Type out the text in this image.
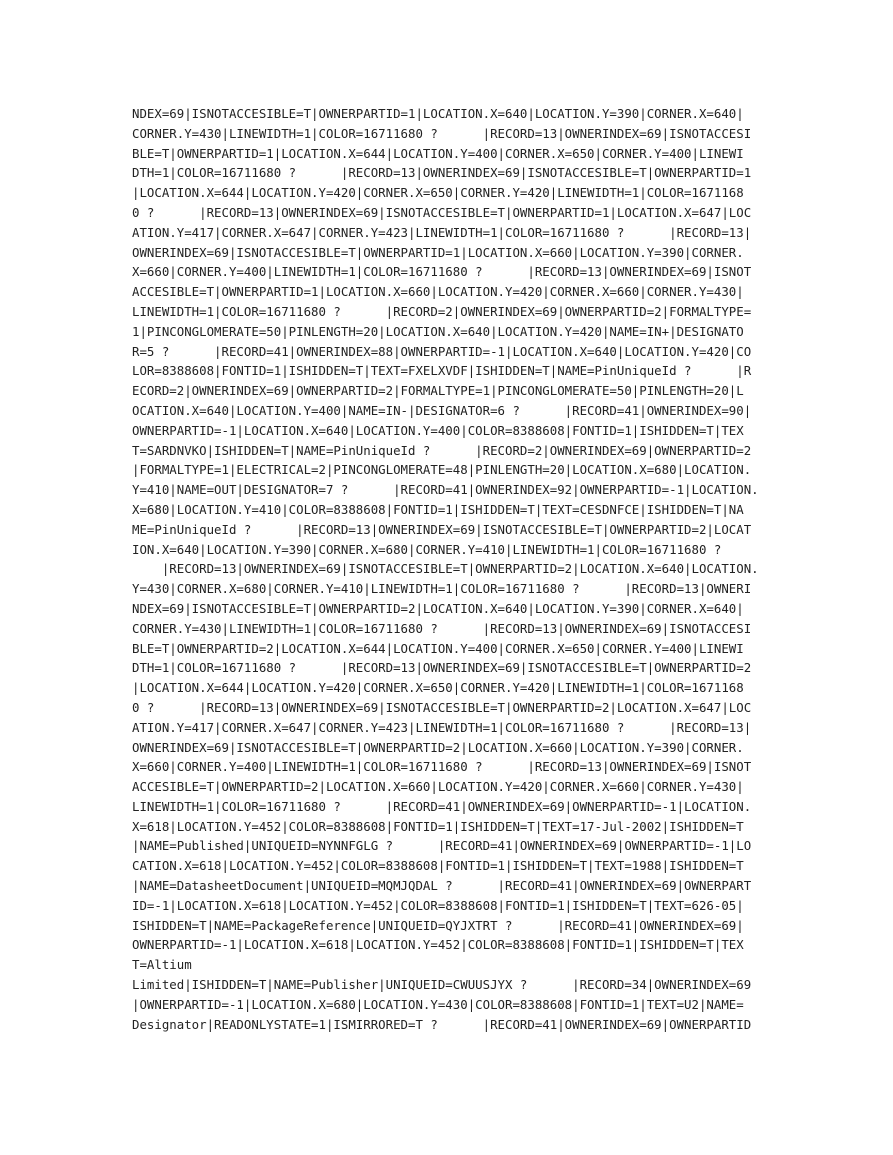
NDEX=69|ISNOTACCESIBLE=T|OWNERPARTID=1|LOCATION.X=640|LOCATION.Y=390|CORNER.X=640|
CORNER.Y=430|LINEWIDTH=1|COLOR=16711680 ?      |RECORD=13|OWNERINDEX=69|ISNOTACCESI
BLE=T|OWNERPARTID=1|LOCATION.X=644|LOCATION.Y=400|CORNER.X=650|CORNER.Y=400|LINEWI
DTH=1|COLOR=16711680 ?      |RECORD=13|OWNERINDEX=69|ISNOTACCESIBLE=T|OWNERPARTID=1
|LOCATION.X=644|LOCATION.Y=420|CORNER.X=650|CORNER.Y=420|LINEWIDTH=1|COLOR=1671168
0 ?      |RECORD=13|OWNERINDEX=69|ISNOTACCESIBLE=T|OWNERPARTID=1|LOCATION.X=647|LOC
ATION.Y=417|CORNER.X=647|CORNER.Y=423|LINEWIDTH=1|COLOR=16711680 ?      |RECORD=13|
OWNERINDEX=69|ISNOTACCESIBLE=T|OWNERPARTID=1|LOCATION.X=660|LOCATION.Y=390|CORNER.
X=660|CORNER.Y=400|LINEWIDTH=1|COLOR=16711680 ?      |RECORD=13|OWNERINDEX=69|ISNOT
ACCESIBLE=T|OWNERPARTID=1|LOCATION.X=660|LOCATION.Y=420|CORNER.X=660|CORNER.Y=430|
LINEWIDTH=1|COLOR=16711680 ?      |RECORD=2|OWNERINDEX=69|OWNERPARTID=2|FORMALTYPE=
1|PINCONGLOMERATE=50|PINLENGTH=20|LOCATION.X=640|LOCATION.Y=420|NAME=IN+|DESIGNATO
R=5 ?      |RECORD=41|OWNERINDEX=88|OWNERPARTID=-1|LOCATION.X=640|LOCATION.Y=420|CO
LOR=8388608|FONTID=1|ISHIDDEN=T|TEXT=FXELXVDF|ISHIDDEN=T|NAME=PinUniqueId ?      |R
ECORD=2|OWNERINDEX=69|OWNERPARTID=2|FORMALTYPE=1|PINCONGLOMERATE=50|PINLENGTH=20|L
OCATION.X=640|LOCATION.Y=400|NAME=IN-|DESIGNATOR=6 ?      |RECORD=41|OWNERINDEX=90|
OWNERPARTID=-1|LOCATION.X=640|LOCATION.Y=400|COLOR=8388608|FONTID=1|ISHIDDEN=T|TEX
T=SARDNVKO|ISHIDDEN=T|NAME=PinUniqueId ?      |RECORD=2|OWNERINDEX=69|OWNERPARTID=2
|FORMALTYPE=1|ELECTRICAL=2|PINCONGLOMERATE=48|PINLENGTH=20|LOCATION.X=680|LOCATION.
Y=410|NAME=OUT|DESIGNATOR=7 ?      |RECORD=41|OWNERINDEX=92|OWNERPARTID=-1|LOCATION.
X=680|LOCATION.Y=410|COLOR=8388608|FONTID=1|ISHIDDEN=T|TEXT=CESDNFCE|ISHIDDEN=T|NA
ME=PinUniqueId ?      |RECORD=13|OWNERINDEX=69|ISNOTACCESIBLE=T|OWNERPARTID=2|LOCAT
ION.X=640|LOCATION.Y=390|CORNER.X=680|CORNER.Y=410|LINEWIDTH=1|COLOR=16711680 ?
|RECORD=13|OWNERINDEX=69|ISNOTACCESIBLE=T|OWNERPARTID=2|LOCATION.X=640|LOCATION.
Y=430|CORNER.X=680|CORNER.Y=410|LINEWIDTH=1|COLOR=16711680 ?      |RECORD=13|OWNERI
NDEX=69|ISNOTACCESIBLE=T|OWNERPARTID=2|LOCATION.X=640|LOCATION.Y=390|CORNER.X=640|
CORNER.Y=430|LINEWIDTH=1|COLOR=16711680 ?      |RECORD=13|OWNERINDEX=69|ISNOTACCESI
BLE=T|OWNERPARTID=2|LOCATION.X=644|LOCATION.Y=400|CORNER.X=650|CORNER.Y=400|LINEWI
DTH=1|COLOR=16711680 ?      |RECORD=13|OWNERINDEX=69|ISNOTACCESIBLE=T|OWNERPARTID=2
|LOCATION.X=644|LOCATION.Y=420|CORNER.X=650|CORNER.Y=420|LINEWIDTH=1|COLOR=1671168
0 ?      |RECORD=13|OWNERINDEX=69|ISNOTACCESIBLE=T|OWNERPARTID=2|LOCATION.X=647|LOC
ATION.Y=417|CORNER.X=647|CORNER.Y=423|LINEWIDTH=1|COLOR=16711680 ?      |RECORD=13|
OWNERINDEX=69|ISNOTACCESIBLE=T|OWNERPARTID=2|LOCATION.X=660|LOCATION.Y=390|CORNER.
X=660|CORNER.Y=400|LINEWIDTH=1|COLOR=16711680 ?      |RECORD=13|OWNERINDEX=69|ISNOT
ACCESIBLE=T|OWNERPARTID=2|LOCATION.X=660|LOCATION.Y=420|CORNER.X=660|CORNER.Y=430|
LINEWIDTH=1|COLOR=16711680 ?      |RECORD=41|OWNERINDEX=69|OWNERPARTID=-1|LOCATION.
X=618|LOCATION.Y=452|COLOR=8388608|FONTID=1|ISHIDDEN=T|TEXT=17-Jul-2002|ISHIDDEN=T
|NAME=Published|UNIQUEID=NYNNFGLG ?      |RECORD=41|OWNERINDEX=69|OWNERPARTID=-1|LO
CATION.X=618|LOCATION.Y=452|COLOR=8388608|FONTID=1|ISHIDDEN=T|TEXT=1988|ISHIDDEN=T
|NAME=DatasheetDocument|UNIQUEID=MQMJQDAL ?      |RECORD=41|OWNERINDEX=69|OWNERPART
ID=-1|LOCATION.X=618|LOCATION.Y=452|COLOR=8388608|FONTID=1|ISHIDDEN=T|TEXT=626-05|
ISHIDDEN=T|NAME=PackageReference|UNIQUEID=QYJXTRT ?      |RECORD=41|OWNERINDEX=69|
OWNERPARTID=-1|LOCATION.X=618|LOCATION.Y=452|COLOR=8388608|FONTID=1|ISHIDDEN=T|TEX
T=Altium
Limited|ISHIDDEN=T|NAME=Publisher|UNIQUEID=CWUUSJYX ?      |RECORD=34|OWNERINDEX=69
|OWNERPARTID=-1|LOCATION.X=680|LOCATION.Y=430|COLOR=8388608|FONTID=1|TEXT=U2|NAME=
Designator|READONLYSTATE=1|ISMIRRORED=T ?      |RECORD=41|OWNERINDEX=69|OWNERPARTID
